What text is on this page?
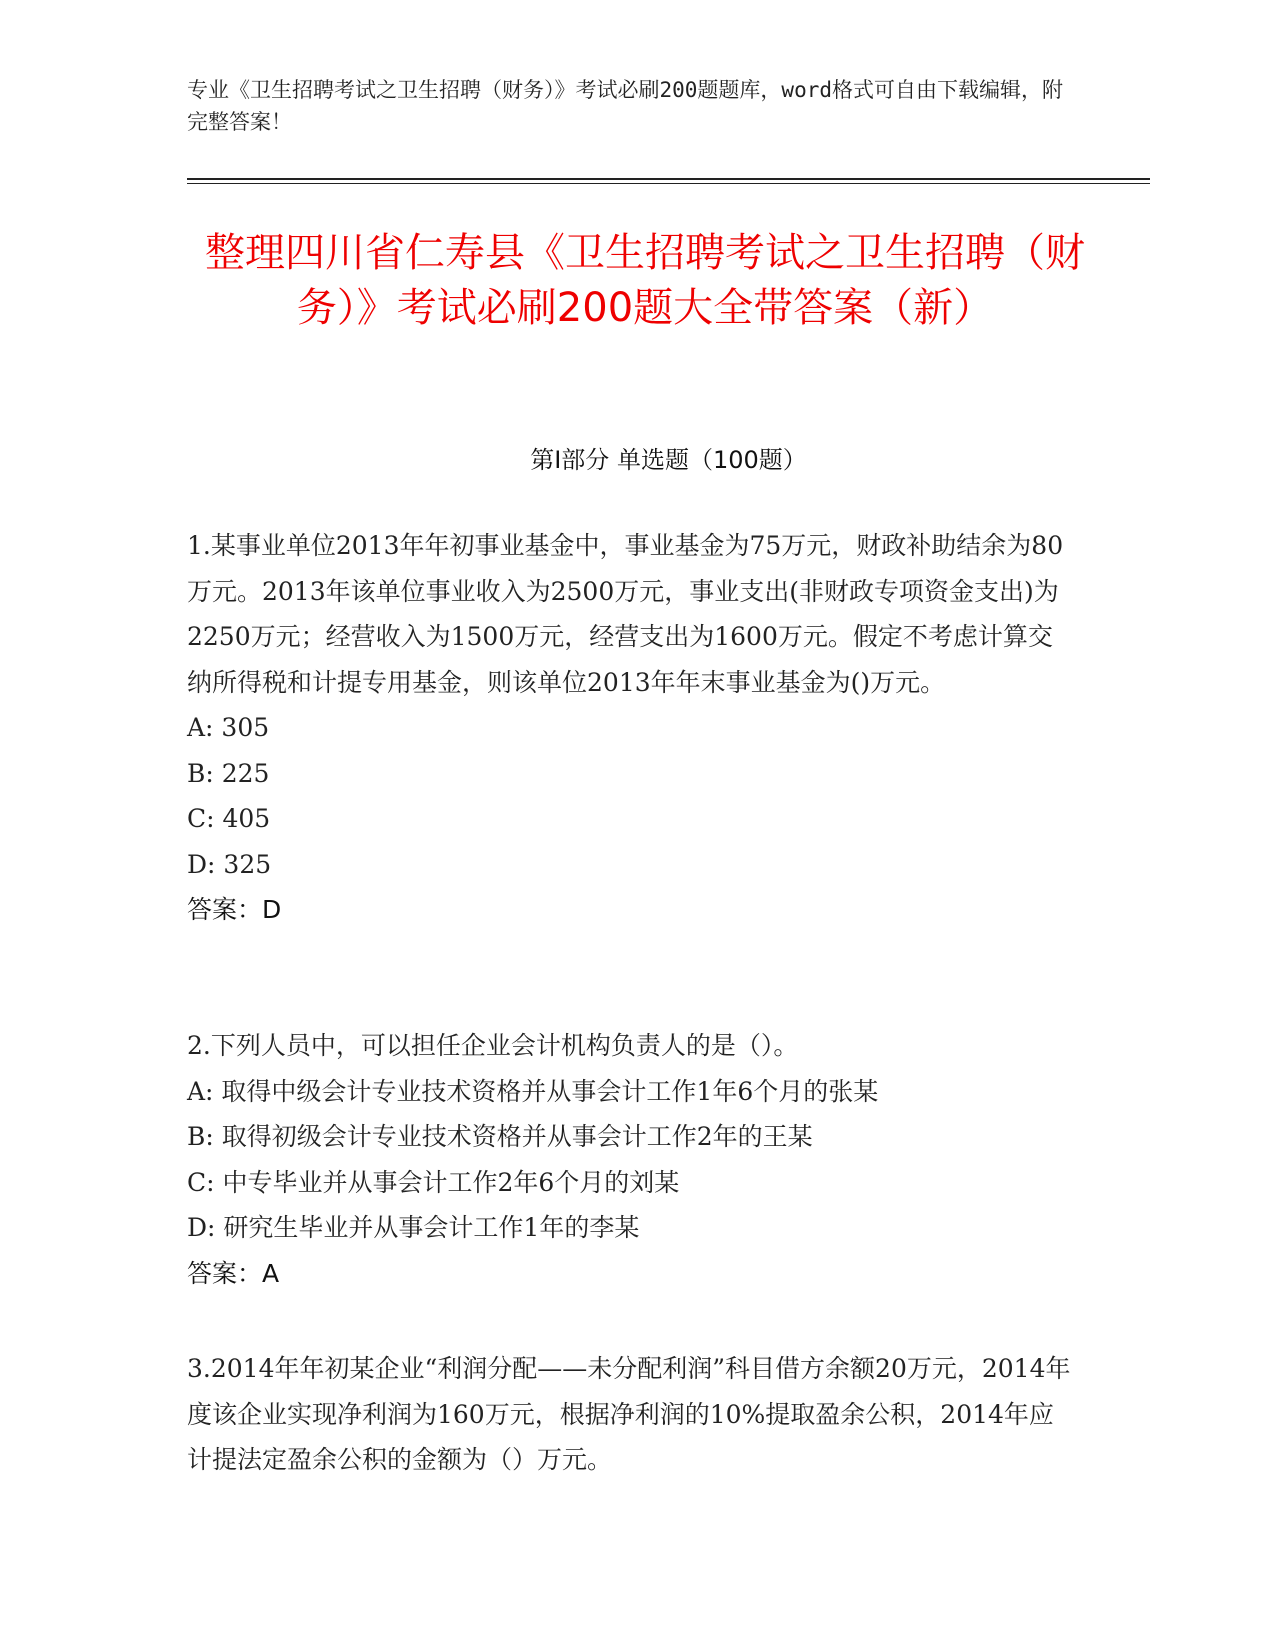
专业《卫生招聘考试之卫生招聘（财务）》考试必刷200题题库，word格式可自由下载编辑，附完整答案！
整理四川省仁寿县《卫生招聘考试之卫生招聘（财务）》考试必刷200题大全带答案（新）
第I部分 单选题（100题）

1.某事业单位2013年年初事业基金中，事业基金为75万元，财政补助结余为80万元。2013年该单位事业收入为2500万元，事业支出(非财政专项资金支出)为2250万元；经营收入为1500万元，经营支出为1600万元。假定不考虑计算交纳所得税和计提专用基金，则该单位2013年年末事业基金为()万元。

A: 305

B: 225

C: 405

D: 325

答案：D

2.下列人员中，可以担任企业会计机构负责人的是（）。

A: 取得中级会计专业技术资格并从事会计工作1年6个月的张某

B: 取得初级会计专业技术资格并从事会计工作2年的王某

C: 中专毕业并从事会计工作2年6个月的刘某

D: 研究生毕业并从事会计工作1年的李某

答案：A

3.2014年年初某企业“利润分配——未分配利润”科目借方余额20万元，2014年度该企业实现净利润为160万元，根据净利润的10%提取盈余公积，2014年应计提法定盈余公积的金额为（）万元。
